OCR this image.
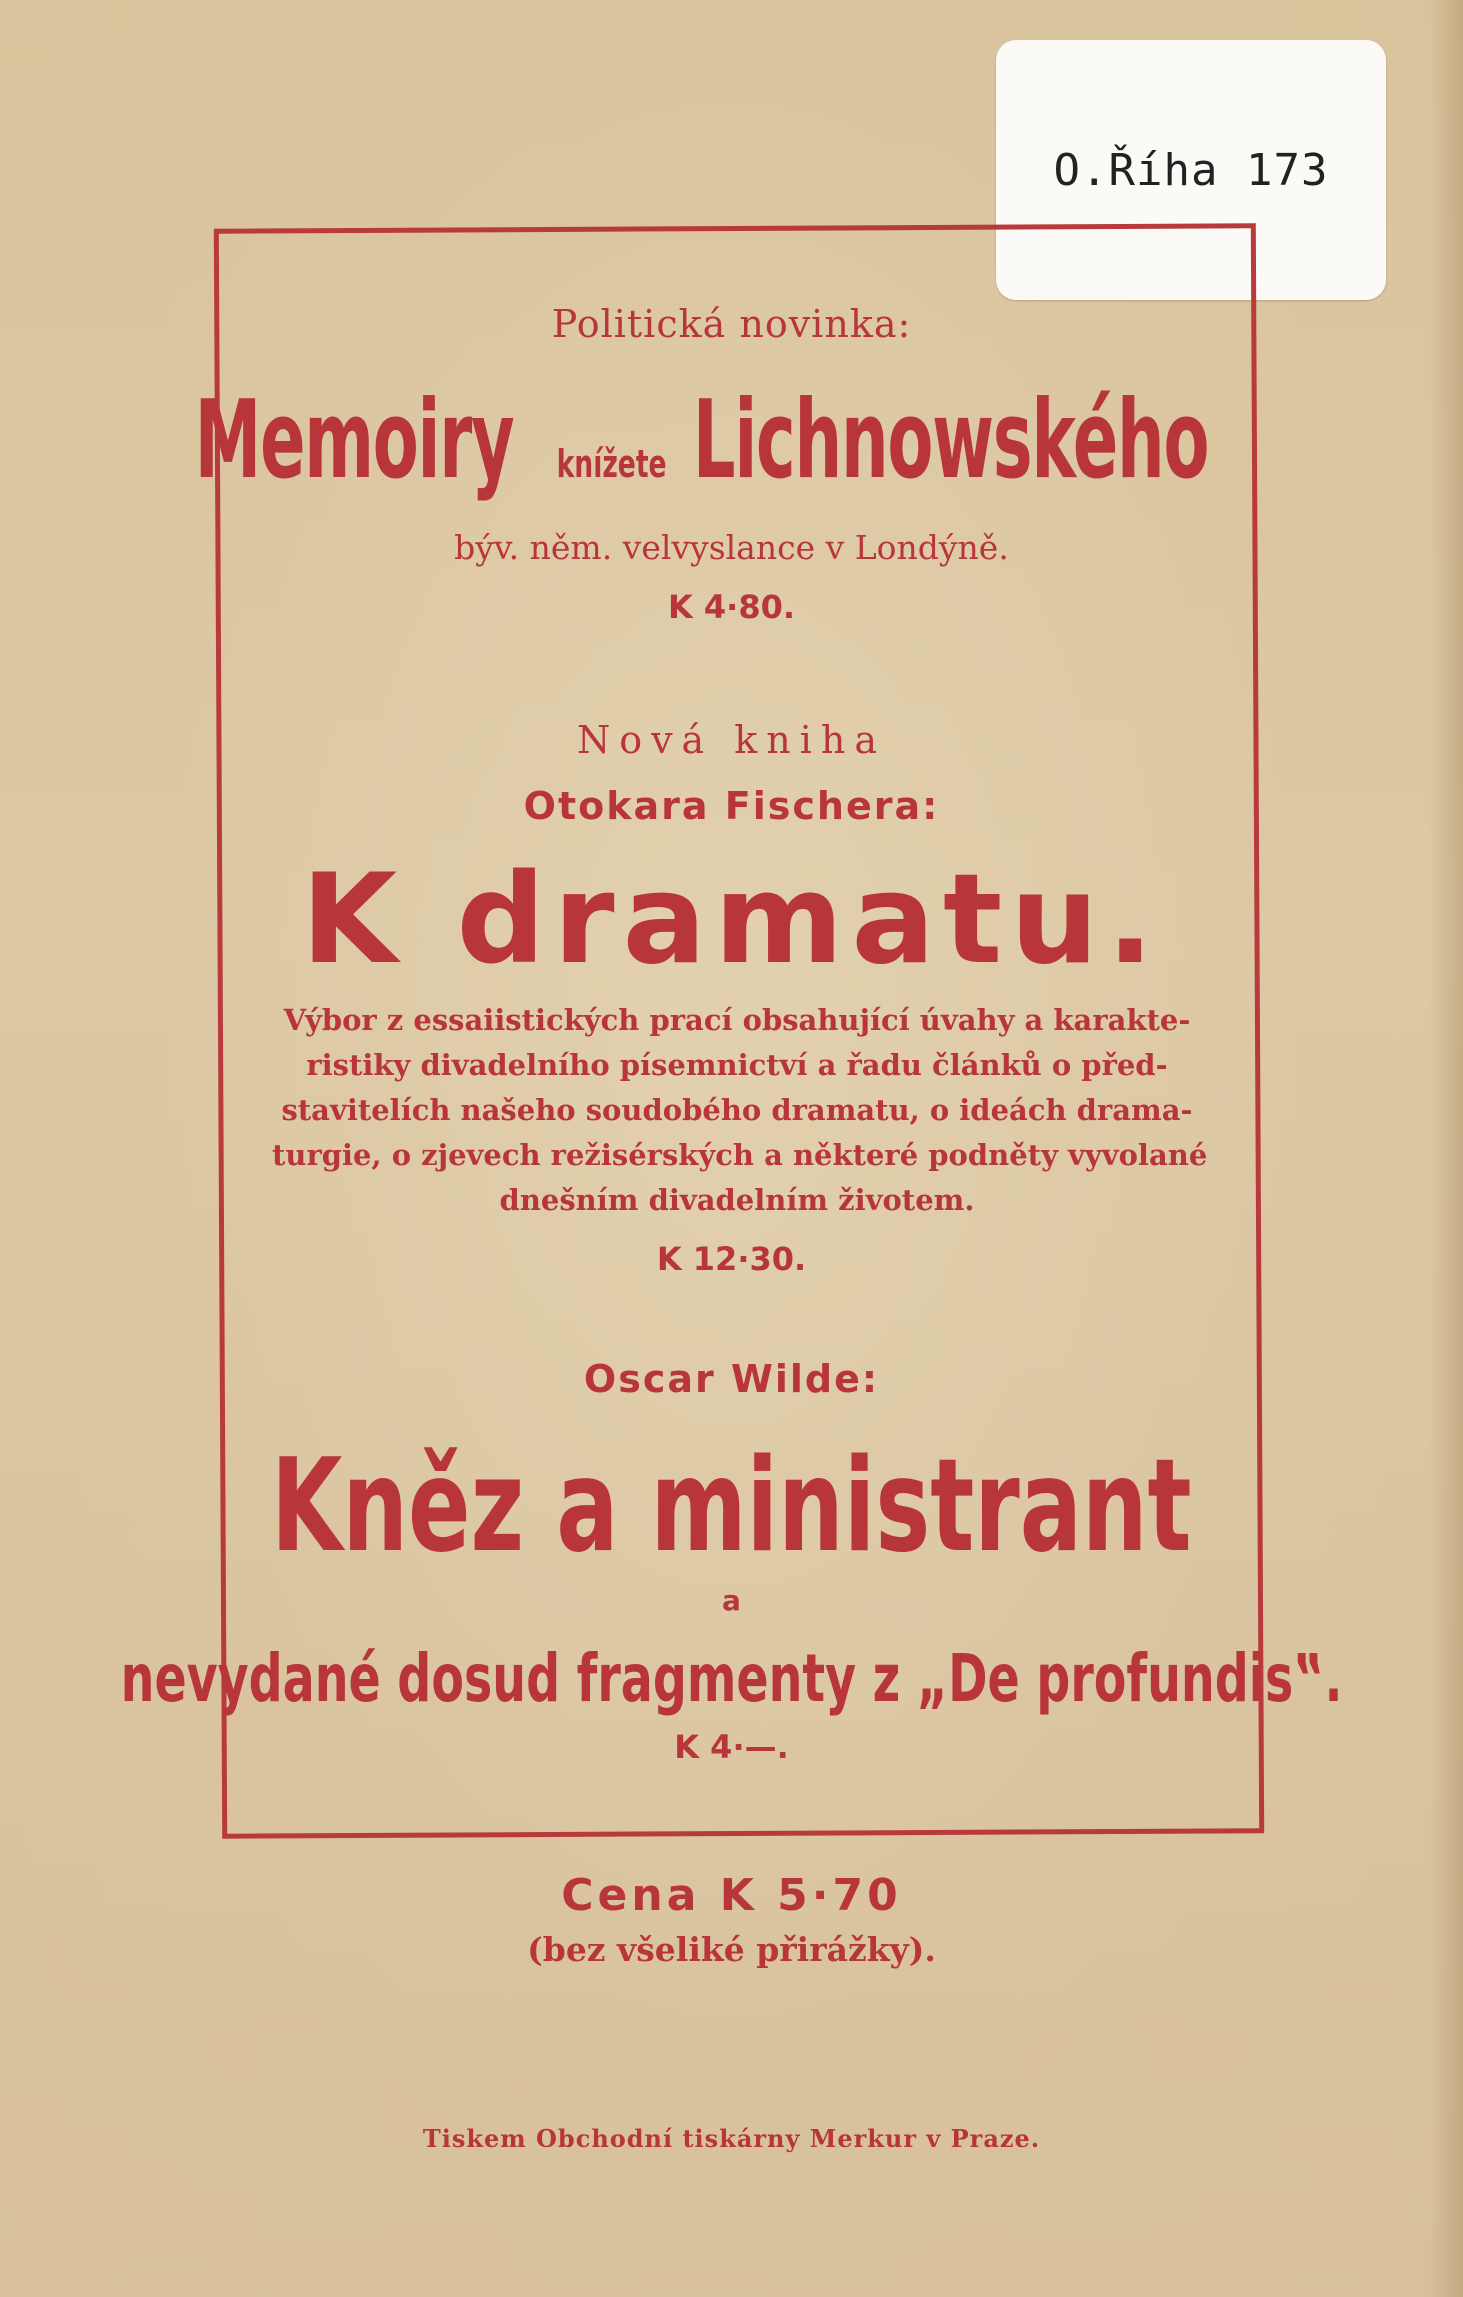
O.Říha 173
Politická novinka:
Memoiry knížete Lichnowského
býv. něm. velvyslance v Londýně.
K 4·80.
Nová kniha
Otokara Fischera:
K dramatu.
Výbor z essaiistických prací obsahující úvahy a karakte-
ristiky divadelního písemnictví a řadu článků o před-
stavitelích našeho soudobého dramatu, o ideách drama-
turgie, o zjevech režisérských a některé podněty vyvolané
dnešním divadelním životem.
K 12·30.
Oscar Wilde:
Kněz a ministrant
a
nevydané dosud fragmenty z „De profundis‟.
K 4·—.
Cena K 5·70
(bez všeliké přirážky).
Tiskem Obchodní tiskárny Merkur v Praze.
